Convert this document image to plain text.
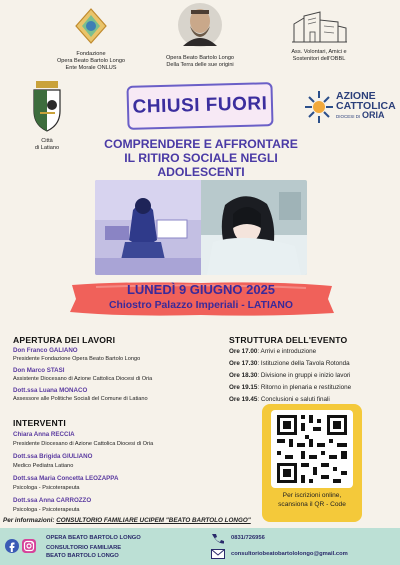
Fondazione
Opera Beato Bartolo Longo
Ente Morale ONLUS
Opera Beato Bartolo Longo
Della Terra delle sue origini
Ass. Volontari, Amici e
Sostenitori dell'OBBL
Città
di Latiano
AZIONE
CATTOLICA
DIOCESI DI ORIA
CHIUSI FUORI
COMPRENDERE E AFFRONTARE
IL RITIRO SOCIALE NEGLI
ADOLESCENTI
LUNEDÌ 9 GIUGNO 2025
Chiostro Palazzo Imperiali - LATIANO
APERTURA DEI LAVORI
Don Franco GALIANO
Presidente Fondazione Opera Beato Bartolo Longo
Don Marco STASI
Assistente Diocesano di Azione Cattolica Diocesi di Oria
Dott.ssa Luana MONACO
Assessore alle Politiche Sociali del Comune di Latiano
INTERVENTI
Chiara Anna RECCIA
Presidente Diocesano di Azione Cattolica Diocesi di Oria
Dott.ssa Brigida GIULIANO
Medico Pediatra Latiano
Dott.ssa Maria Concetta LEOZAPPA
Psicologa - Psicoterapeuta
Dott.ssa Anna CARROZZO
Psicologa - Psicoterapeuta
STRUTTURA DELL'EVENTO
Ore 17.00: Arrivi e introduzione
Ore 17.30: Istituzione della Tavola Rotonda
Ore 18.30: Divisione in gruppi e inizio lavori
Ore 19.15: Ritorno in plenaria e restituzione
Ore 19.45: Conclusioni e saluti finali
Per iscrizioni online,
scansiona il QR - Code
Per informazioni: CONSULTORIO FAMILIARE UCIPEM "BEATO BARTOLO LONGO"
OPERA BEATO BARTOLO LONGO
CONSULTORIO FAMILIARE
BEATO BARTOLO LONGO
0831/726956
consultoriobeatobartololongo@gmail.com
